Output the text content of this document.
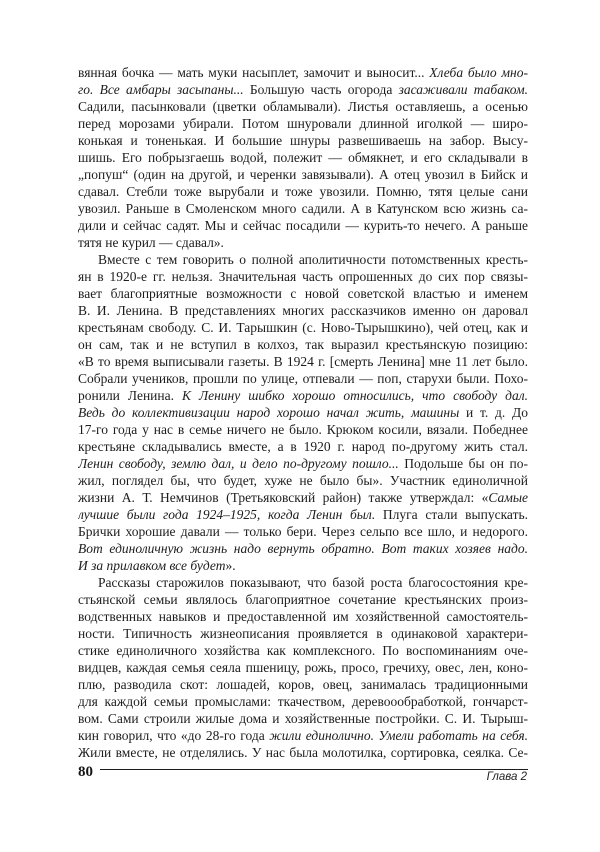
вянная бочка — мать муки насыплет, замочит и выносит... Хлеба было мно-
го. Все амбары засыпаны... Большую часть огорода засаживали табаком.
Садили, пасынковали (цветки обламывали). Листья оставляешь, а осенью
перед морозами убирали. Потом шнуровали длинной иголкой — широ-
конькая и тоненькая. И большие шнуры развешиваешь на забор. Высу-
шишь. Его побрызгаешь водой, полежит — обмякнет, и его складывали в
„попуш“ (один на другой, и черенки завязывали). А отец увозил в Бийск и
сдавал. Стебли тоже вырубали и тоже увозили. Помню, тятя целые сани
увозил. Раньше в Смоленском много садили. А в Катунском всю жизнь са-
дили и сейчас садят. Мы и сейчас посадили — курить-то нечего. А раньше
тятя не курил — сдавал».
Вместе с тем говорить о полной аполитичности потомственных кресть-
ян в 1920-е гг. нельзя. Значительная часть опрошенных до сих пор связы-
вает благоприятные возможности с новой советской властью и именем
В. И. Ленина. В представлениях многих рассказчиков именно он даровал
крестьянам свободу. С. И. Тарышкин (с. Ново-Тырышкино), чей отец, как и
он сам, так и не вступил в колхоз, так выразил крестьянскую позицию:
«В то время выписывали газеты. В 1924 г. [смерть Ленина] мне 11 лет было.
Собрали учеников, прошли по улице, отпевали — поп, старухи были. Похо-
ронили Ленина. К Ленину шибко хорошо относились, что свободу дал.
Ведь до коллективизации народ хорошо начал жить, машины и т. д. До
17-го года у нас в семье ничего не было. Крюком косили, вязали. Победнее
крестьяне складывались вместе, а в 1920 г. народ по-другому жить стал.
Ленин свободу, землю дал, и дело по-другому пошло... Подольше бы он по-
жил, поглядел бы, что будет, хуже не было бы». Участник единоличной
жизни А. Т. Немчинов (Третьяковский район) также утверждал: «Самые
лучшие были года 1924–1925, когда Ленин был. Плуга стали выпускать.
Брички хорошие давали — только бери. Через сельпо все шло, и недорого.
Вот единоличную жизнь надо вернуть обратно. Вот таких хозяев надо.
И за прилавком все будет».
Рассказы старожилов показывают, что базой роста благосостояния кре-
стьянской семьи являлось благоприятное сочетание крестьянских произ-
водственных навыков и предоставленной им хозяйственной самостоятель-
ности. Типичность жизнеописания проявляется в одинаковой характери-
стике единоличного хозяйства как комплексного. По воспоминаниям оче-
видцев, каждая семья сеяла пшеницу, рожь, просо, гречиху, овес, лен, коно-
плю, разводила скот: лошадей, коров, овец, занималась традиционными
для каждой семьи промыслами: ткачеством, деревоообработкой, гончарст-
вом. Сами строили жилые дома и хозяйственные постройки. С. И. Тырыш-
кин говорил, что «до 28-го года жили единолично. Умели работать на себя.
Жили вместе, не отделялись. У нас была молотилка, сортировка, сеялка. Се-
80	Глава 2
